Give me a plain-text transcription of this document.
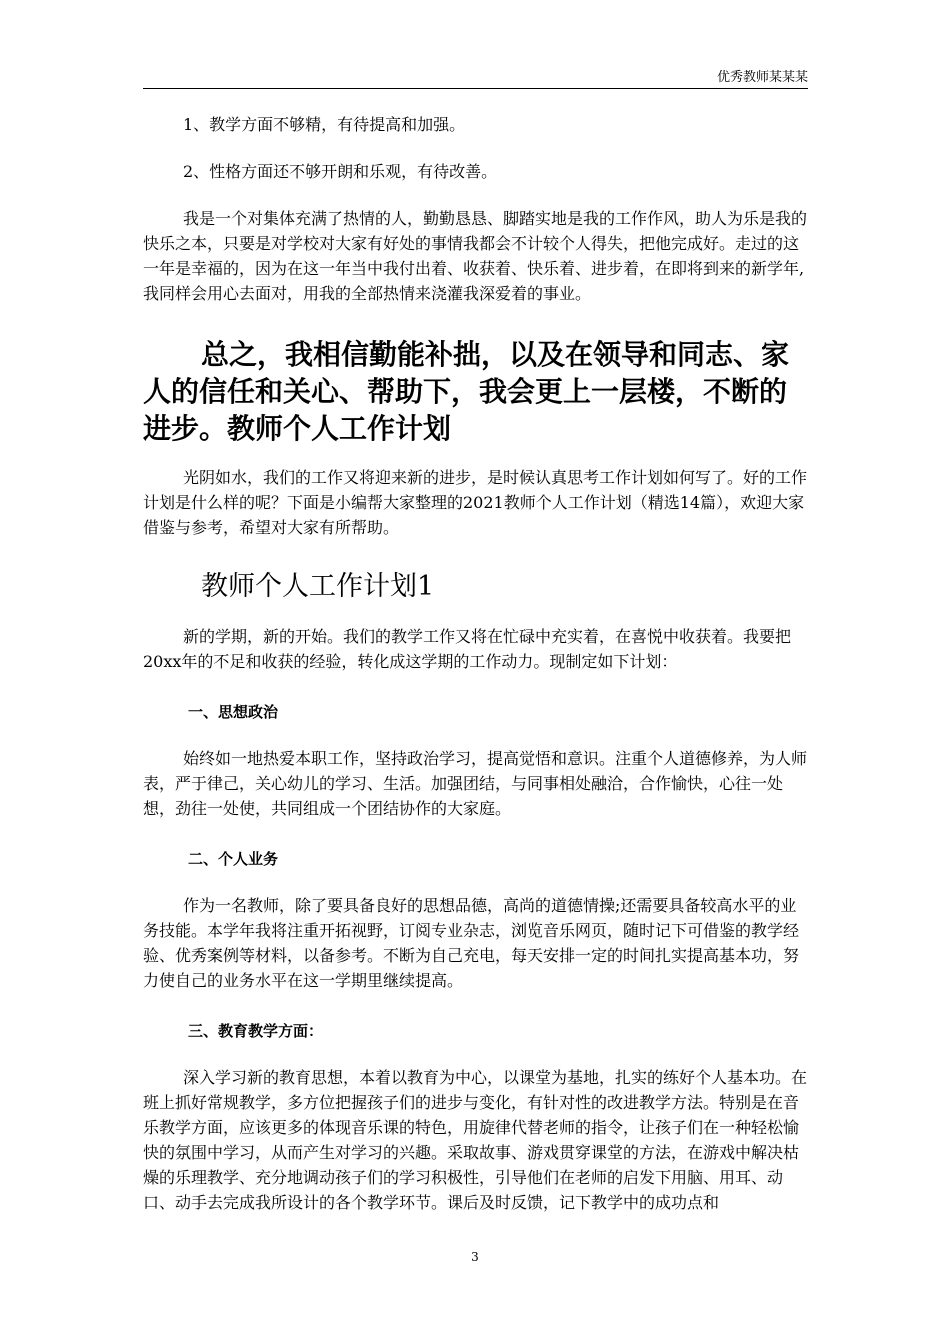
优秀教师某某某

1、教学方面不够精，有待提高和加强。

2、性格方面还不够开朗和乐观，有待改善。

我是一个对集体充满了热情的人，勤勤恳恳、脚踏实地是我的工作作风，助人为乐是我的快乐之本，只要是对学校对大家有好处的事情我都会不计较个人得失，把他完成好。走过的这一年是幸福的，因为在这一年当中我付出着、收获着、快乐着、进步着，在即将到来的新学年,我同样会用心去面对，用我的全部热情来浇灌我深爱着的事业。

总之，我相信勤能补拙，以及在领导和同志、家人的信任和关心、帮助下，我会更上一层楼，不断的进步。教师个人工作计划

光阴如水，我们的工作又将迎来新的进步，是时候认真思考工作计划如何写了。好的工作计划是什么样的呢？下面是小编帮大家整理的2021教师个人工作计划（精选14篇），欢迎大家借鉴与参考，希望对大家有所帮助。

教师个人工作计划1

新的学期，新的开始。我们的教学工作又将在忙碌中充实着，在喜悦中收获着。我要把20xx年的不足和收获的经验，转化成这学期的工作动力。现制定如下计划：

一、思想政治

始终如一地热爱本职工作，坚持政治学习，提高觉悟和意识。注重个人道德修养，为人师表，严于律己，关心幼儿的学习、生活。加强团结，与同事相处融洽，合作愉快，心往一处想，劲往一处使，共同组成一个团结协作的大家庭。

二、个人业务

作为一名教师，除了要具备良好的思想品德，高尚的道德情操;还需要具备较高水平的业务技能。本学年我将注重开拓视野，订阅专业杂志，浏览音乐网页，随时记下可借鉴的教学经验、优秀案例等材料，以备参考。不断为自己充电，每天安排一定的时间扎实提高基本功，努力使自己的业务水平在这一学期里继续提高。

三、教育教学方面：

深入学习新的教育思想，本着以教育为中心，以课堂为基地，扎实的练好个人基本功。在班上抓好常规教学，多方位把握孩子们的进步与变化，有针对性的改进教学方法。特别是在音乐教学方面，应该更多的体现音乐课的特色，用旋律代替老师的指令，让孩子们在一种轻松愉快的氛围中学习，从而产生对学习的兴趣。采取故事、游戏贯穿课堂的方法，在游戏中解决枯燥的乐理教学、充分地调动孩子们的学习积极性，引导他们在老师的启发下用脑、用耳、动口、动手去完成我所设计的各个教学环节。课后及时反馈，记下教学中的成功点和

3
